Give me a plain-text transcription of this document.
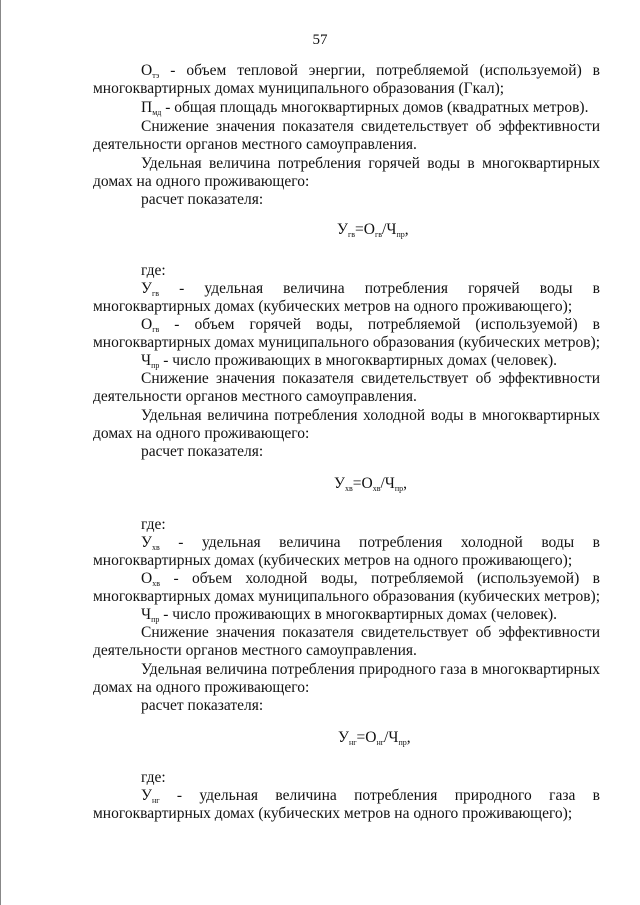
57
$O_{тэ}$ - объем тепловой энергии, потребляемой (используемой) в
многоквартирных домах муниципального образования (Гкал);
$П_{мд}$ - общая площадь многоквартирных домов (квадратных метров).
Снижение значения показателя свидетельствует об эффективности
деятельности органов местного самоуправления.
Удельная величина потребления горячей воды в многоквартирных
домах на одного проживающего:
расчет показателя:
$У_{гв}=О_{гв}/Ч_{пр}$,
где:
$У_{гв}$ - удельная величина потребления горячей воды в
многоквартирных домах (кубических метров на одного проживающего);
$О_{гв}$ - объем горячей воды, потребляемой (используемой) в
многоквартирных домах муниципального образования (кубических метров);
$Ч_{пр}$ - число проживающих в многоквартирных домах (человек).
Снижение значения показателя свидетельствует об эффективности
деятельности органов местного самоуправления.
Удельная величина потребления холодной воды в многоквартирных
домах на одного проживающего:
расчет показателя:
$У_{хв}=О_{хв}/Ч_{пр}$,
где:
$У_{хв}$ - удельная величина потребления холодной воды в
многоквартирных домах (кубических метров на одного проживающего);
$О_{хв}$ - объем холодной воды, потребляемой (используемой) в
многоквартирных домах муниципального образования (кубических метров);
$Ч_{пр}$ - число проживающих в многоквартирных домах (человек).
Снижение значения показателя свидетельствует об эффективности
деятельности органов местного самоуправления.
Удельная величина потребления природного газа в многоквартирных
домах на одного проживающего:
расчет показателя:
$У_{нг}=О_{нг}/Ч_{пр}$,
где:
$У_{нг}$ - удельная величина потребления природного газа в
многоквартирных домах (кубических метров на одного проживающего);
